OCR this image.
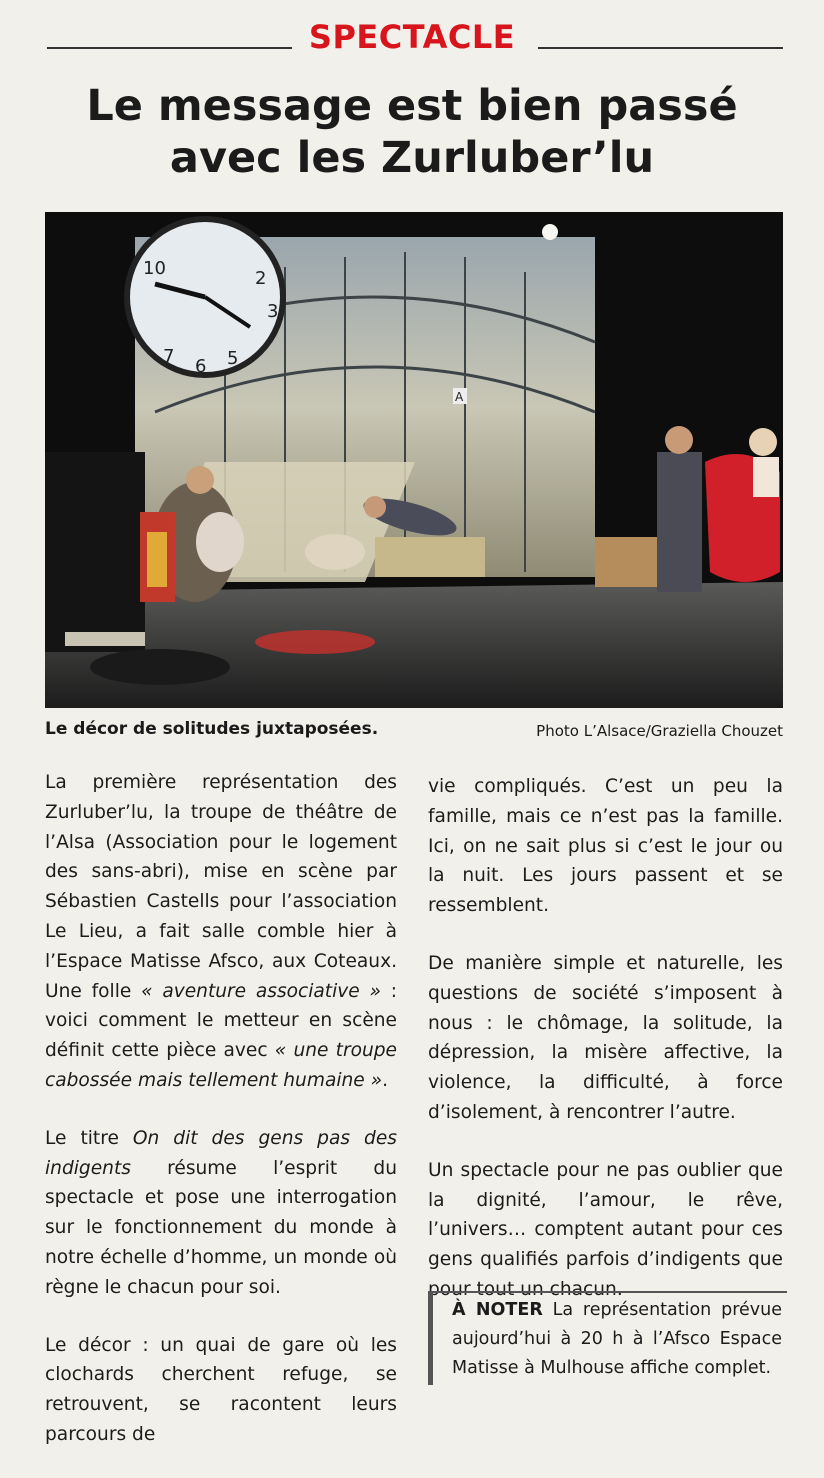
SPECTACLE
Le message est bien passé avec les Zurluber’lu
10	2
3
7 6 5
A
Le décor de solitudes juxtaposées.	Photo L’Alsace/Graziella Chouzet

La première représentation des Zurluber’lu, la troupe de théâtre de l’Alsa (Association pour le logement des sans-abri), mise en scène par Sébastien Castells pour l’association Le Lieu, a fait salle comble hier à l’Espace Matisse Afsco, aux Coteaux. Une folle « aventure associative » : voici comment le metteur en scène définit cette pièce avec « une troupe cabossée mais tellement humaine ».

Le titre On dit des gens pas des indigents résume l’esprit du spectacle et pose une interrogation sur le fonctionnement du monde à notre échelle d’homme, un monde où règne le chacun pour soi.

Le décor : un quai de gare où les clochards cherchent refuge, se retrouvent, se racontent leurs parcours de

vie compliqués. C’est un peu la famille, mais ce n’est pas la famille. Ici, on ne sait plus si c’est le jour ou la nuit. Les jours passent et se ressemblent.

De manière simple et naturelle, les questions de société s’imposent à nous : le chômage, la solitude, la dépression, la misère affective, la violence, la difficulté, à force d’isolement, à rencontrer l’autre.

Un spectacle pour ne pas oublier que la dignité, l’amour, le rêve, l’univers… comptent autant pour ces gens qualifiés parfois d’indigents que pour tout un chacun.

À NOTER La représentation prévue aujourd’hui à 20 h à l’Afsco Espace Matisse à Mulhouse affiche complet.
